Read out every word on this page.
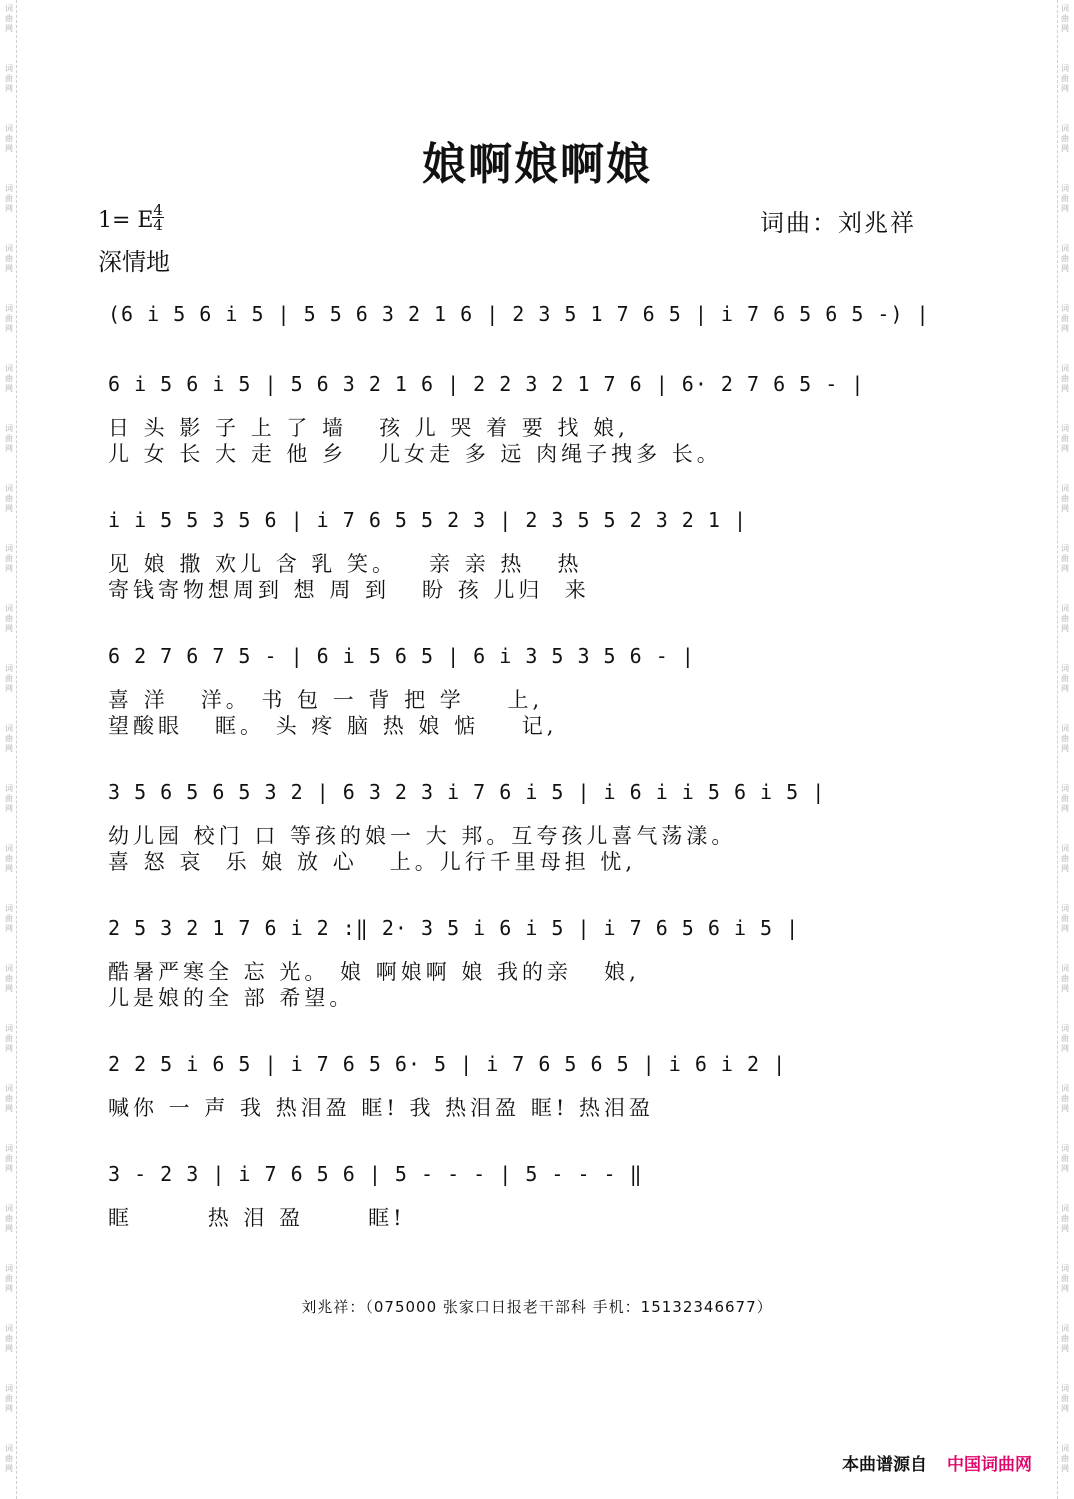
词
曲
网
词
曲
网
词
曲
网
词
曲
网
词
曲
网
词
曲
网
词
曲
网
词
曲
网
词
曲
网
词
曲
网
词
曲
网
词
曲
网
词
曲
网
词
曲
网
词
曲
网
词
曲
网
词
曲
网
词
曲
网
词
曲
网
词
曲
网
词
曲
网
词
曲
网
词
曲
网
词
曲
网
词
曲
网
词
曲
网
词
曲
网
词
曲
网
词
曲
网
词
曲
网
词
曲
网
词
曲
网
词
曲
网
词
曲
网
词
曲
网
词
曲
网
词
曲
网
词
曲
网
词
曲
网
词
曲
网
词
曲
网
词
曲
网
词
曲
网
词
曲
网
词
曲
网
词
曲
网
词
曲
网
词
曲
网
词
曲
网
词
曲
网
娘啊娘啊娘
1= E 4
4
深情地
词曲：刘兆祥
(6 i 5 6 i 5 | 5 5 6 3 2 1 6 | 2 3 5 1 7 6 5 | i 7 6 5 6 5 -) |
6 i 5 6 i 5 | 5 6 3 2 1 6 | 2 2 3 2 1 7 6 | 6· 2 7 6 5 - |
日 头 影 子 上 了 墙   孩 儿 哭 着 要 找 娘,
儿 女 长 大 走 他 乡   儿女走 多 远 肉绳子拽多 长。
i i 5 5 3 5 6 | i 7 6 5 5 2 3 | 2 3 5 5 2 3 2 1 |
见 娘 撒 欢儿 含 乳 笑。   亲 亲 热   热
寄钱寄物想周到 想 周 到   盼 孩 儿归  来
6 2 7 6 7 5 - | 6 i 5 6 5 | 6 i 3 5 3 5 6 - |
喜 洋   洋。 书 包 一 背 把 学    上,
望酸眼   眶。 头 疼 脑 热 娘 惦    记,
3 5 6 5 6 5 3 2 | 6 3 2 3 i 7 6 i 5 | i 6 i i 5 6 i 5 |
幼儿园 校门 口 等孩的娘一 大 邦。互夸孩儿喜气荡漾。
喜 怒 哀  乐 娘 放 心   上。儿行千里母担 忧,
2 5 3 2 1 7 6 i 2 :‖ 2· 3 5 i 6 i 5 | i 7 6 5 6 i 5 |
酷暑严寒全 忘 光。 娘 啊娘啊 娘 我的亲   娘,
儿是娘的全 部 希望。
2 2 5 i 6 5 | i 7 6 5 6· 5 | i 7 6 5 6 5 | i 6 i 2 |
喊你 一 声 我 热泪盈 眶! 我 热泪盈 眶! 热泪盈
3 - 2 3 | i 7 6 5 6 | 5 - - - | 5 - - - ‖
眶       热 泪 盈      眶!
刘兆祥：（075000 张家口日报老干部科 手机：15132346677）
本曲谱源自 中国词曲网
